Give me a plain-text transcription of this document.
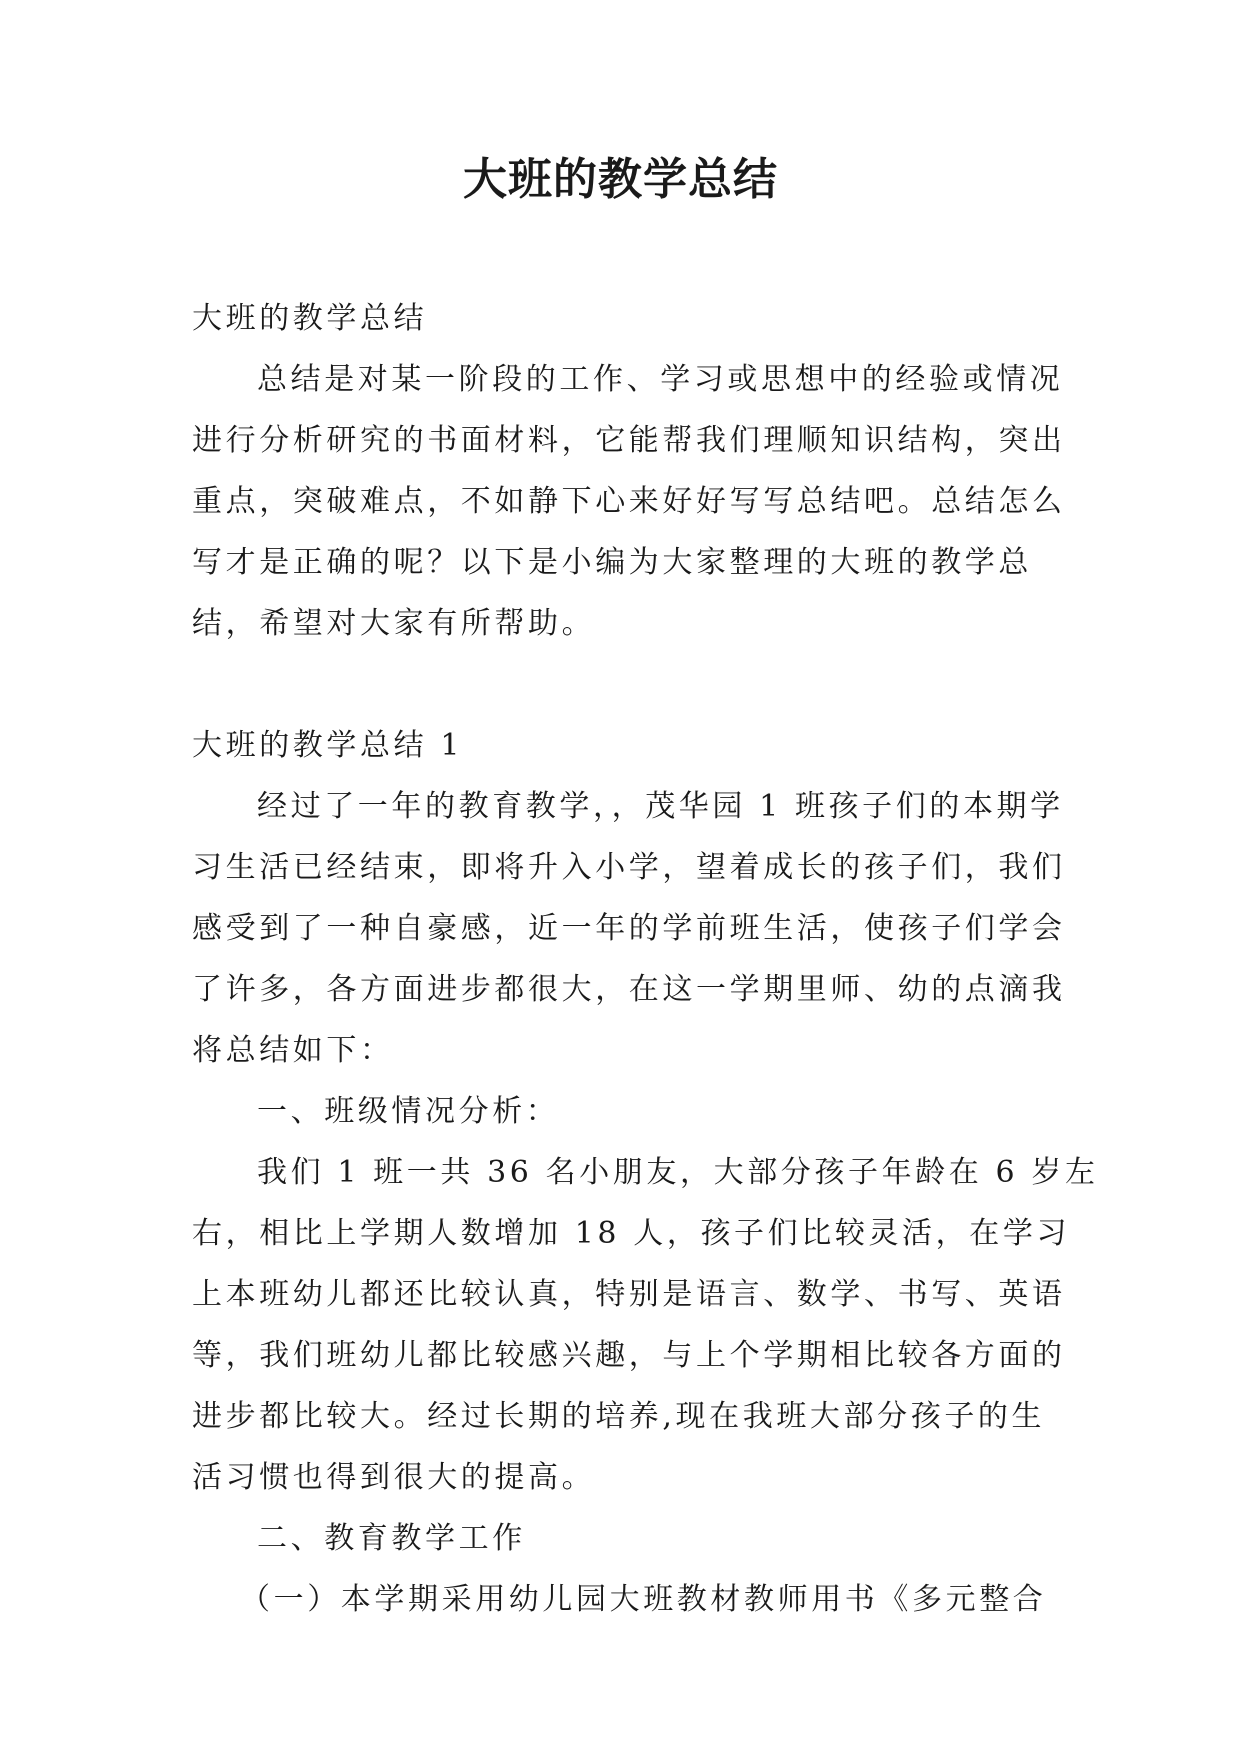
大班的教学总结

大班的教学总结

总结是对某一阶段的工作、学习或思想中的经验或情况

进行分析研究的书面材料，它能帮我们理顺知识结构，突出

重点，突破难点，不如静下心来好好写写总结吧。总结怎么

写才是正确的呢？以下是小编为大家整理的大班的教学总

结，希望对大家有所帮助。

大班的教学总结 1

经过了一年的教育教学，，茂华园 1 班孩子们的本期学

习生活已经结束，即将升入小学，望着成长的孩子们，我们

感受到了一种自豪感，近一年的学前班生活，使孩子们学会

了许多，各方面进步都很大，在这一学期里师、幼的点滴我

将总结如下：

一、班级情况分析：

我们 1 班一共 36 名小朋友，大部分孩子年龄在 6 岁左

右，相比上学期人数增加 18 人，孩子们比较灵活，在学习

上本班幼儿都还比较认真，特别是语言、数学、书写、英语

等，我们班幼儿都比较感兴趣，与上个学期相比较各方面的

进步都比较大。经过长期的培养,现在我班大部分孩子的生

活习惯也得到很大的提高。

二、教育教学工作

（一）本学期采用幼儿园大班教材教师用书《多元整合
